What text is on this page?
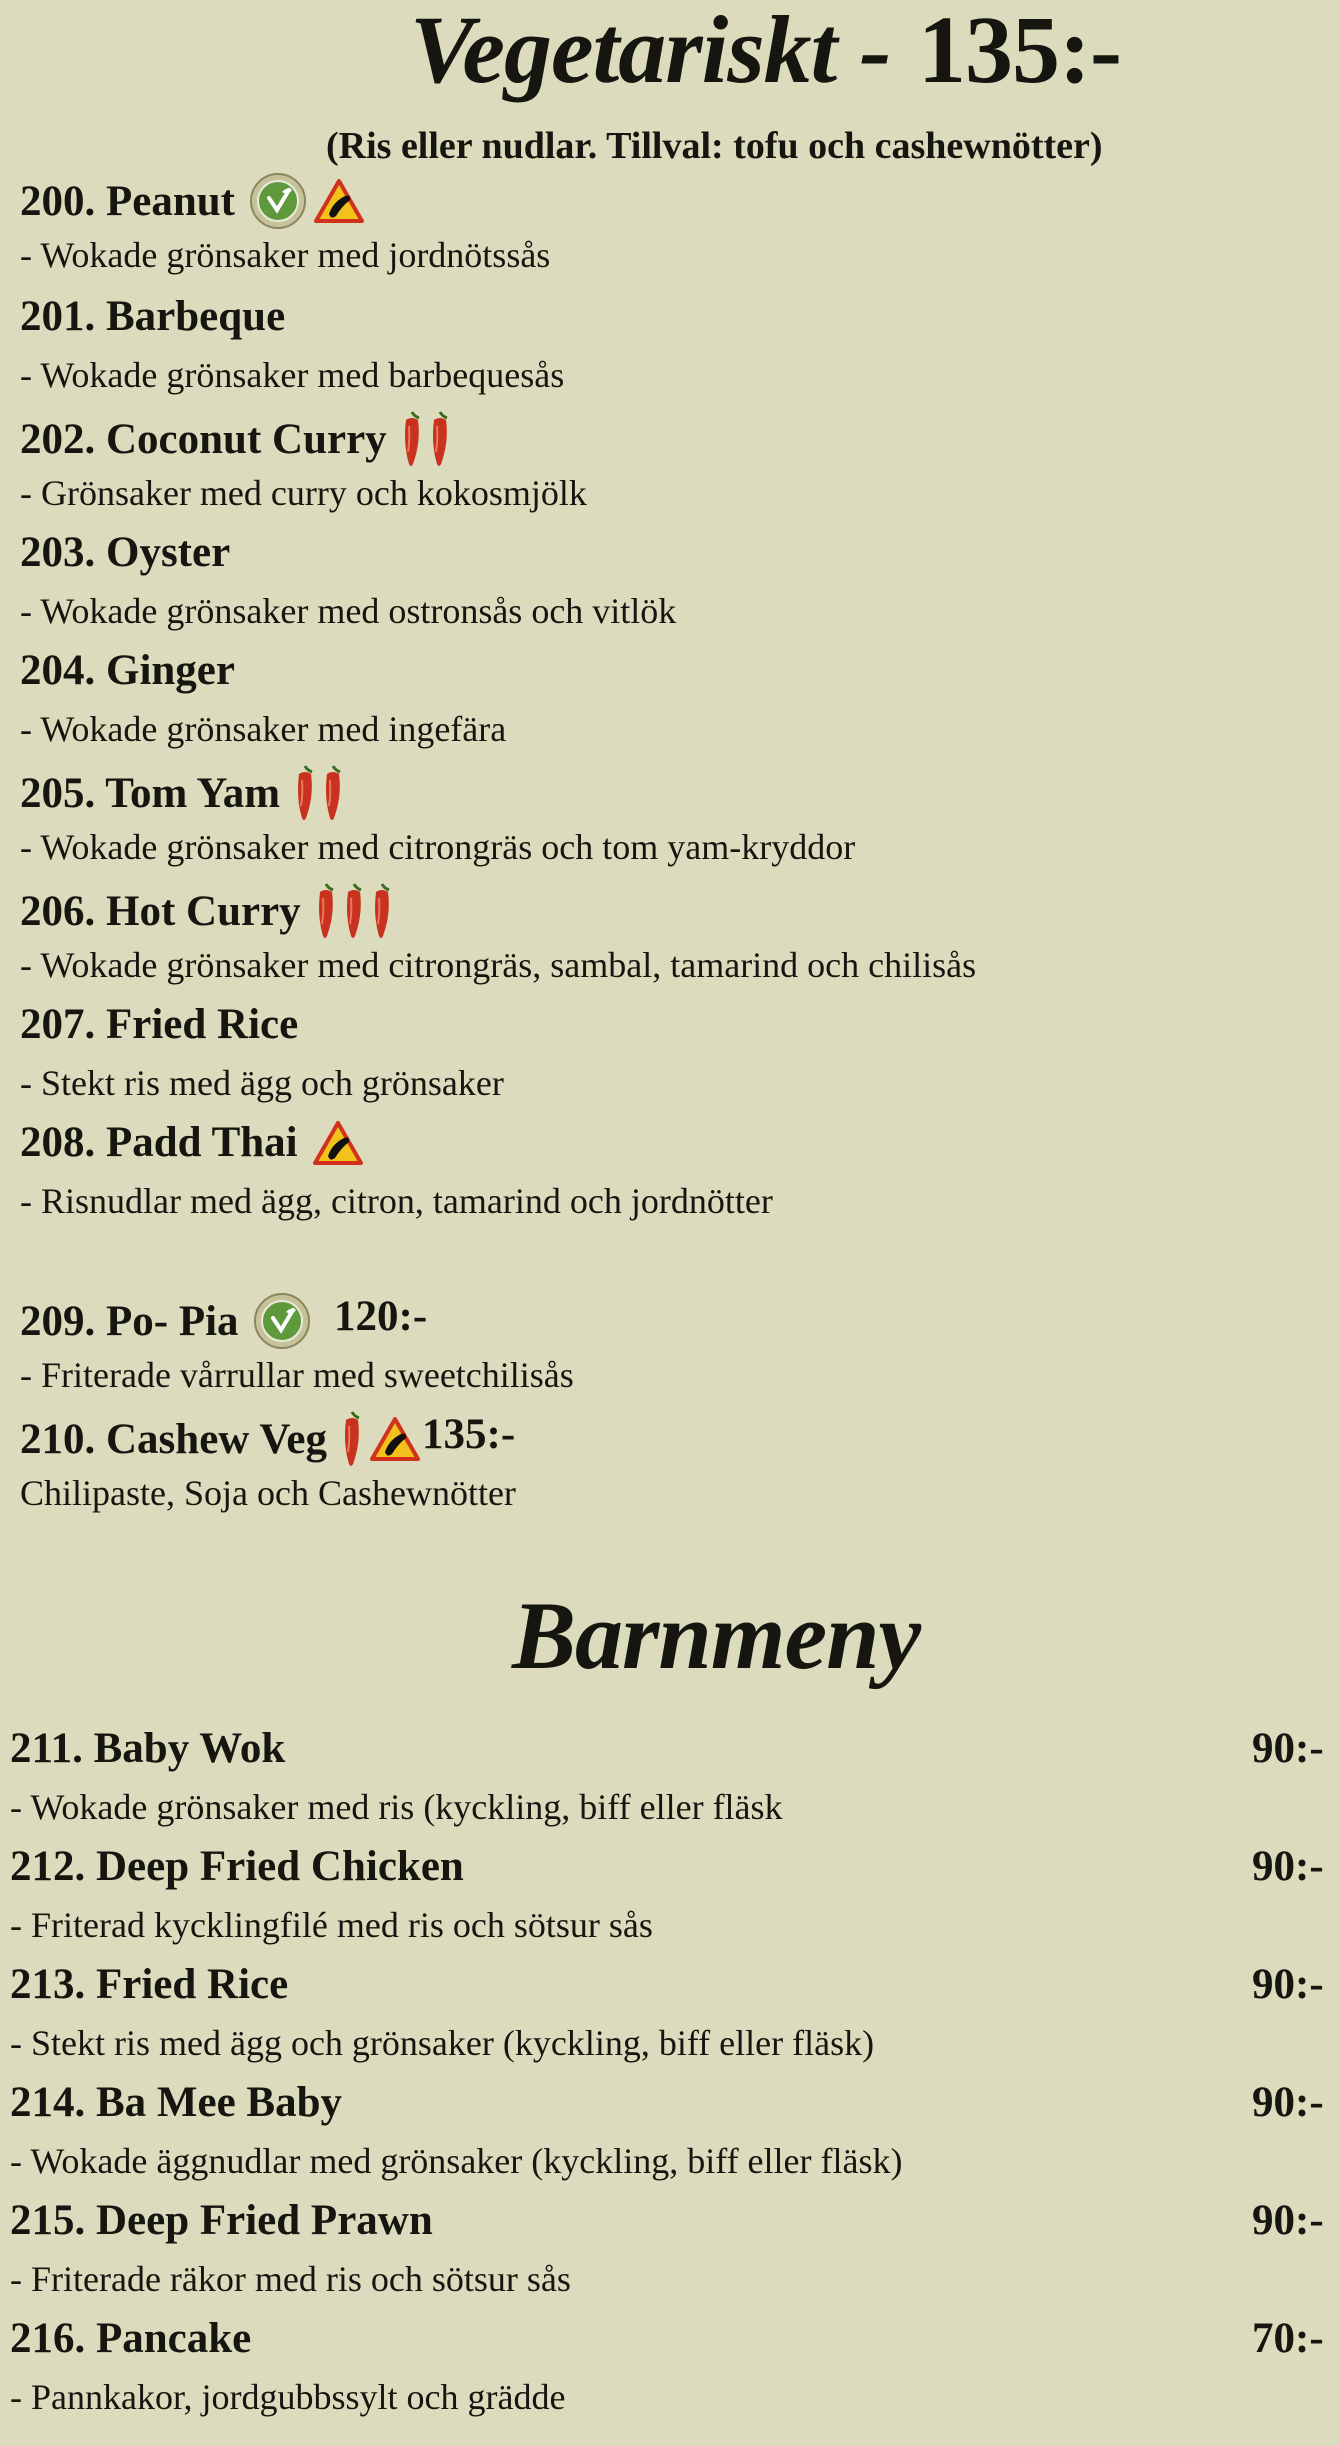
Vegetariskt - 135:-
(Ris eller nudlar. Tillval: tofu och cashewnötter)
200. Peanut
- Wokade grönsaker med jordnötssås
201. Barbeque
- Wokade grönsaker med barbequesås
202. Coconut Curry
- Grönsaker med curry och kokosmjölk
203. Oyster
- Wokade grönsaker med ostronsås och vitlök
204. Ginger
- Wokade grönsaker med ingefära
205. Tom Yam
- Wokade grönsaker med citrongräs och tom yam-kryddor
206. Hot Curry
- Wokade grönsaker med citrongräs, sambal, tamarind och chilisås
207. Fried Rice
- Stekt ris med ägg och grönsaker
208. Padd Thai
- Risnudlar med ägg, citron, tamarind och jordnötter
209. Po- Pia 120:-
- Friterade vårrullar med sweetchilisås
210. Cashew Veg 135:-
Chilipaste, Soja och Cashewnötter
Barnmeny
211. Baby Wok	90:-
- Wokade grönsaker med ris (kyckling, biff eller fläsk
212. Deep Fried Chicken	90:-
- Friterad kycklingfilé med ris och sötsur sås
213. Fried Rice	90:-
- Stekt ris med ägg och grönsaker (kyckling, biff eller fläsk)
214. Ba Mee Baby	90:-
- Wokade äggnudlar med grönsaker (kyckling, biff eller fläsk)
215. Deep Fried Prawn	90:-
- Friterade räkor med ris och sötsur sås
216. Pancake	70:-
- Pannkakor, jordgubbssylt och grädde
